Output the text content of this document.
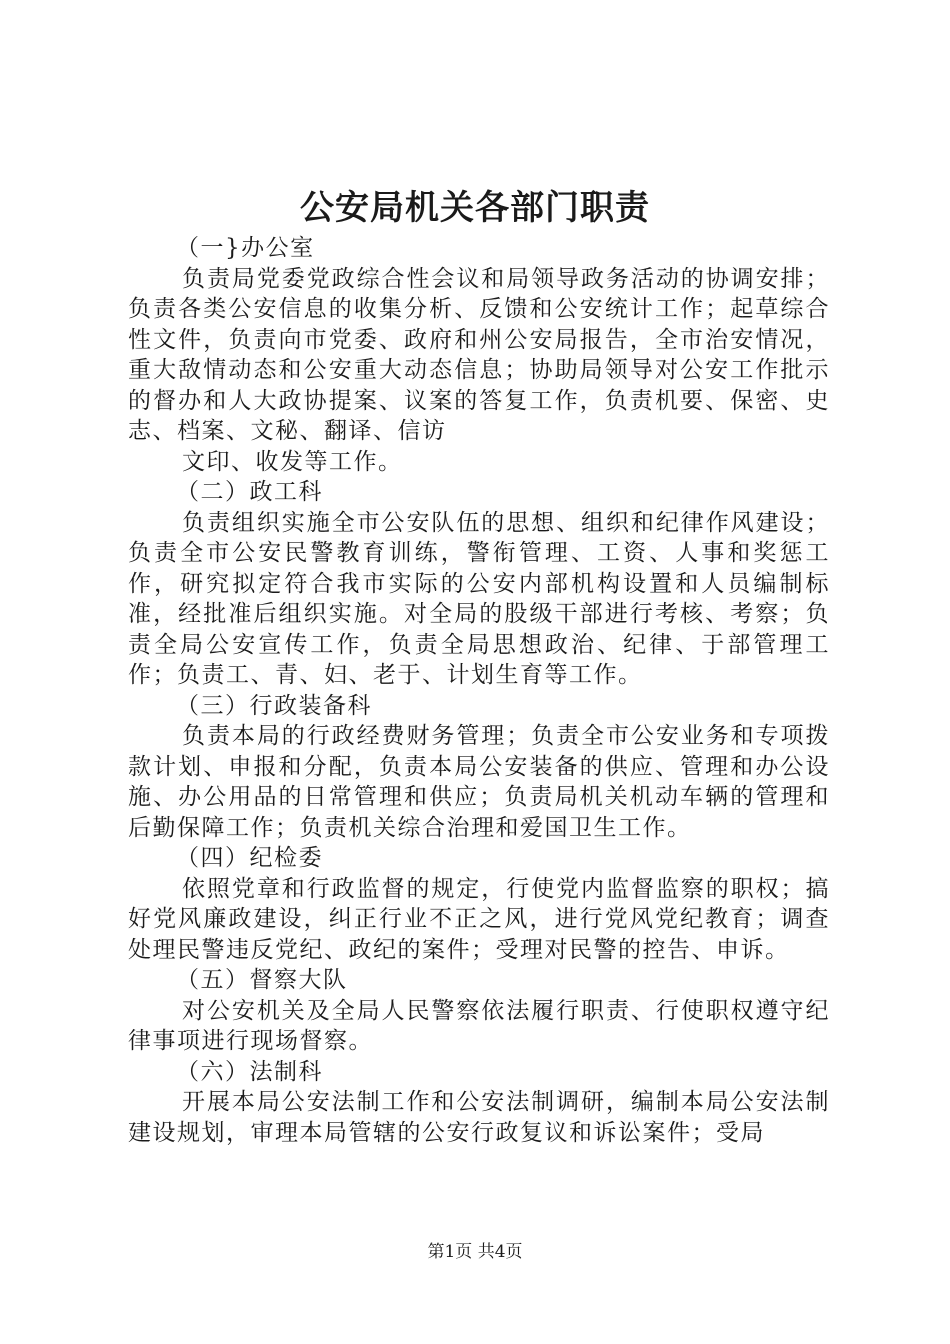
公安局机关各部门职责

（一}办公室

负责局党委党政综合性会议和局领导政务活动的协调安排；负责各类公安信息的收集分析、反馈和公安统计工作；起草综合性文件，负责向市党委、政府和州公安局报告，全市治安情况，重大敌情动态和公安重大动态信息；协助局领导对公安工作批示的督办和人大政协提案、议案的答复工作，负责机要、保密、史志、档案、文秘、翻译、信访

文印、收发等工作。

（二）政工科

负责组织实施全市公安队伍的思想、组织和纪律作风建设；负责全市公安民警教育训练，警衔管理、工资、人事和奖惩工作，研究拟定符合我市实际的公安内部机构设置和人员编制标准，经批准后组织实施。对全局的股级干部进行考核、考察；负责全局公安宣传工作，负责全局思想政治、纪律、于部管理工作；负责工、青、妇、老于、计划生育等工作。

（三）行政装备科

负责本局的行政经费财务管理；负责全市公安业务和专项拨款计划、申报和分配，负责本局公安装备的供应、管理和办公设施、办公用品的日常管理和供应；负责局机关机动车辆的管理和后勤保障工作；负责机关综合治理和爱国卫生工作。

（四）纪检委

依照党章和行政监督的规定，行使党内监督监察的职权；搞好党风廉政建设，纠正行业不正之风，进行党风党纪教育；调查处理民警违反党纪、政纪的案件；受理对民警的控告、申诉。

（五）督察大队

对公安机关及全局人民警察依法履行职责、行使职权遵守纪律事项进行现场督察。

（六）法制科

开展本局公安法制工作和公安法制调研，编制本局公安法制建设规划，审理本局管辖的公安行政复议和诉讼案件；受局

第1页 共4页
